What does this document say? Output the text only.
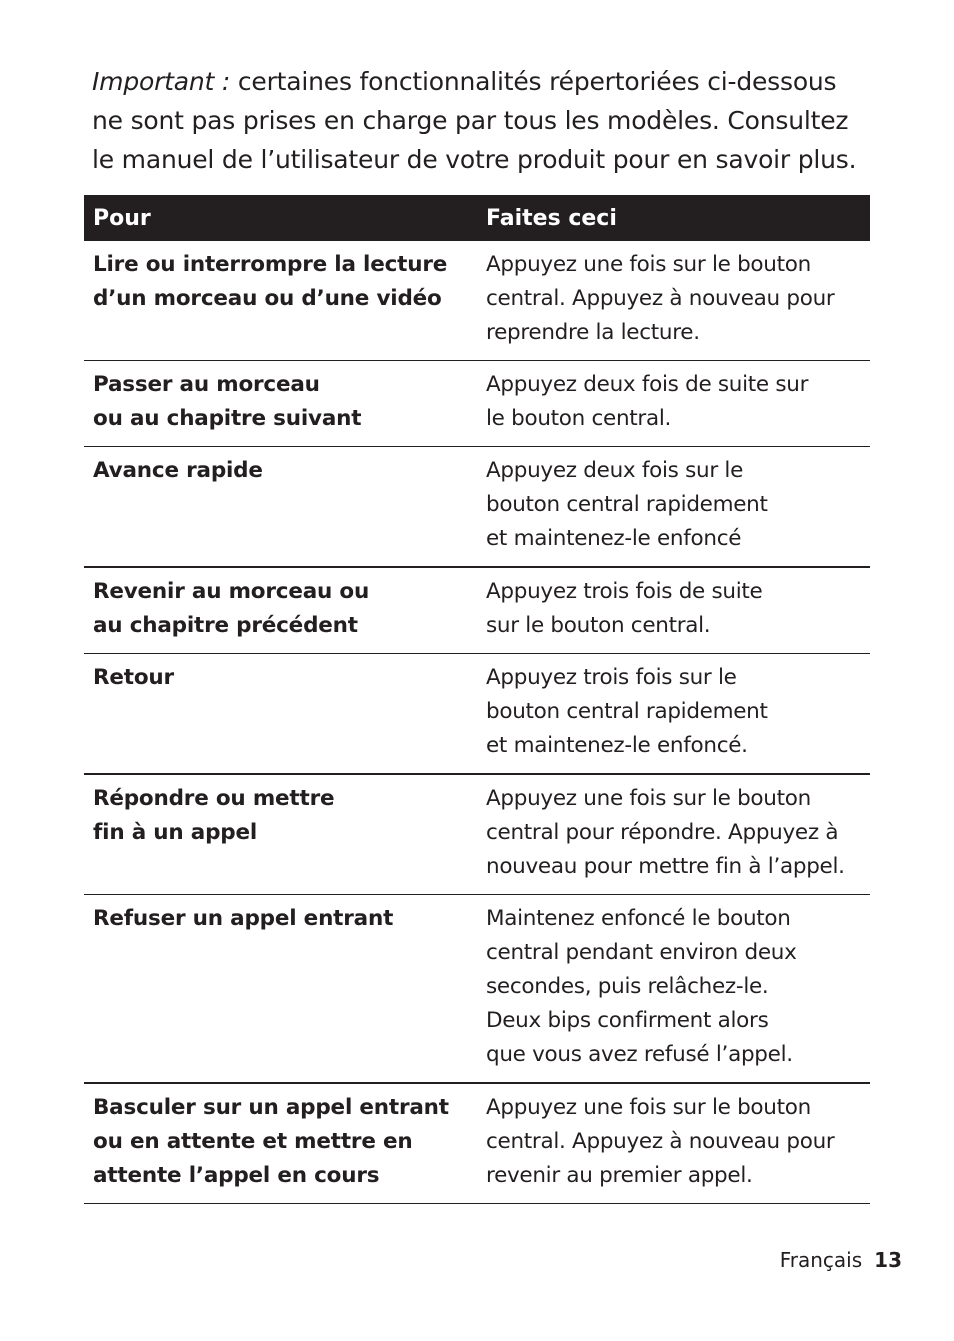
Important : certaines fonctionnalités répertoriées ci-dessous
ne sont pas prises en charge par tous les modèles. Consultez
le manuel de l’utilisateur de votre produit pour en savoir plus.

Pour	Faites ceci

Lire ou interrompre la lecture
d’un morceau ou d’une vidéo	Appuyez une fois sur le bouton
central. Appuyez à nouveau pour
reprendre la lecture.

Passer au morceau
ou au chapitre suivant	Appuyez deux fois de suite sur
le bouton central.

Avance rapide	Appuyez deux fois sur le
bouton central rapidement
et maintenez-le enfoncé

Revenir au morceau ou
au chapitre précédent	Appuyez trois fois de suite
sur le bouton central.

Retour	Appuyez trois fois sur le
bouton central rapidement
et maintenez-le enfoncé.

Répondre ou mettre
fin à un appel	Appuyez une fois sur le bouton
central pour répondre. Appuyez à
nouveau pour mettre fin à l’appel.

Refuser un appel entrant	Maintenez enfoncé le bouton
central pendant environ deux
secondes, puis relâchez-le.
Deux bips confirment alors
que vous avez refusé l’appel.

Basculer sur un appel entrant
ou en attente et mettre en
attente l’appel en cours	Appuyez une fois sur le bouton
central. Appuyez à nouveau pour
revenir au premier appel.
Français 13
